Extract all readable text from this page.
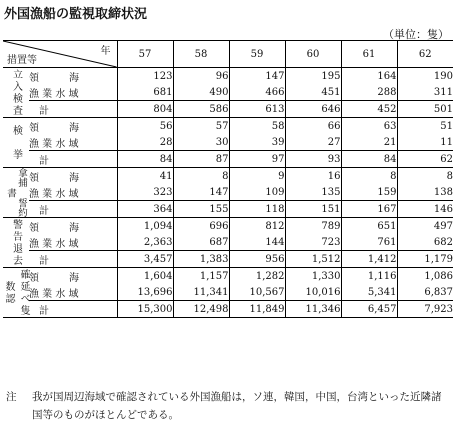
外国漁船の監視取締状況
（単位：隻）
年
措置等		57	58	59	60	61	62
立入検査	領　　　海	123	96	147	195	164	190
	漁 業 水 域	681	490	466	451	288	311
	計	804	586	613	646	452	501
検　挙	領　　　海	56	57	58	66	63	51
	漁 業 水 域	28	30	39	27	21	11
	計	84	87	97	93	84	62
拿捕 誓約書	領　　　海	41	8	9	16	8	8
	漁 業 水 域	323	147	109	135	159	138
	計	364	155	118	151	167	146
警告退去	領　　　海	1,094	696	812	789	651	497
	漁 業 水 域	2,363	687	144	723	761	682
	計	3,457	1,383	956	1,512	1,412	1,179
確延べ隻数認	領　　　海	1,604	1,157	1,282	1,330	1,116	1,086
	漁 業 水 域	13,696	11,341	10,567	10,016	5,341	6,837
	計	15,300	12,498	11,849	11,346	6,457	7,923
注 我が国周辺海域で確認されている外国漁船は，ソ連，韓国，中国，台湾といった近隣諸国等のものがほとんどである。
